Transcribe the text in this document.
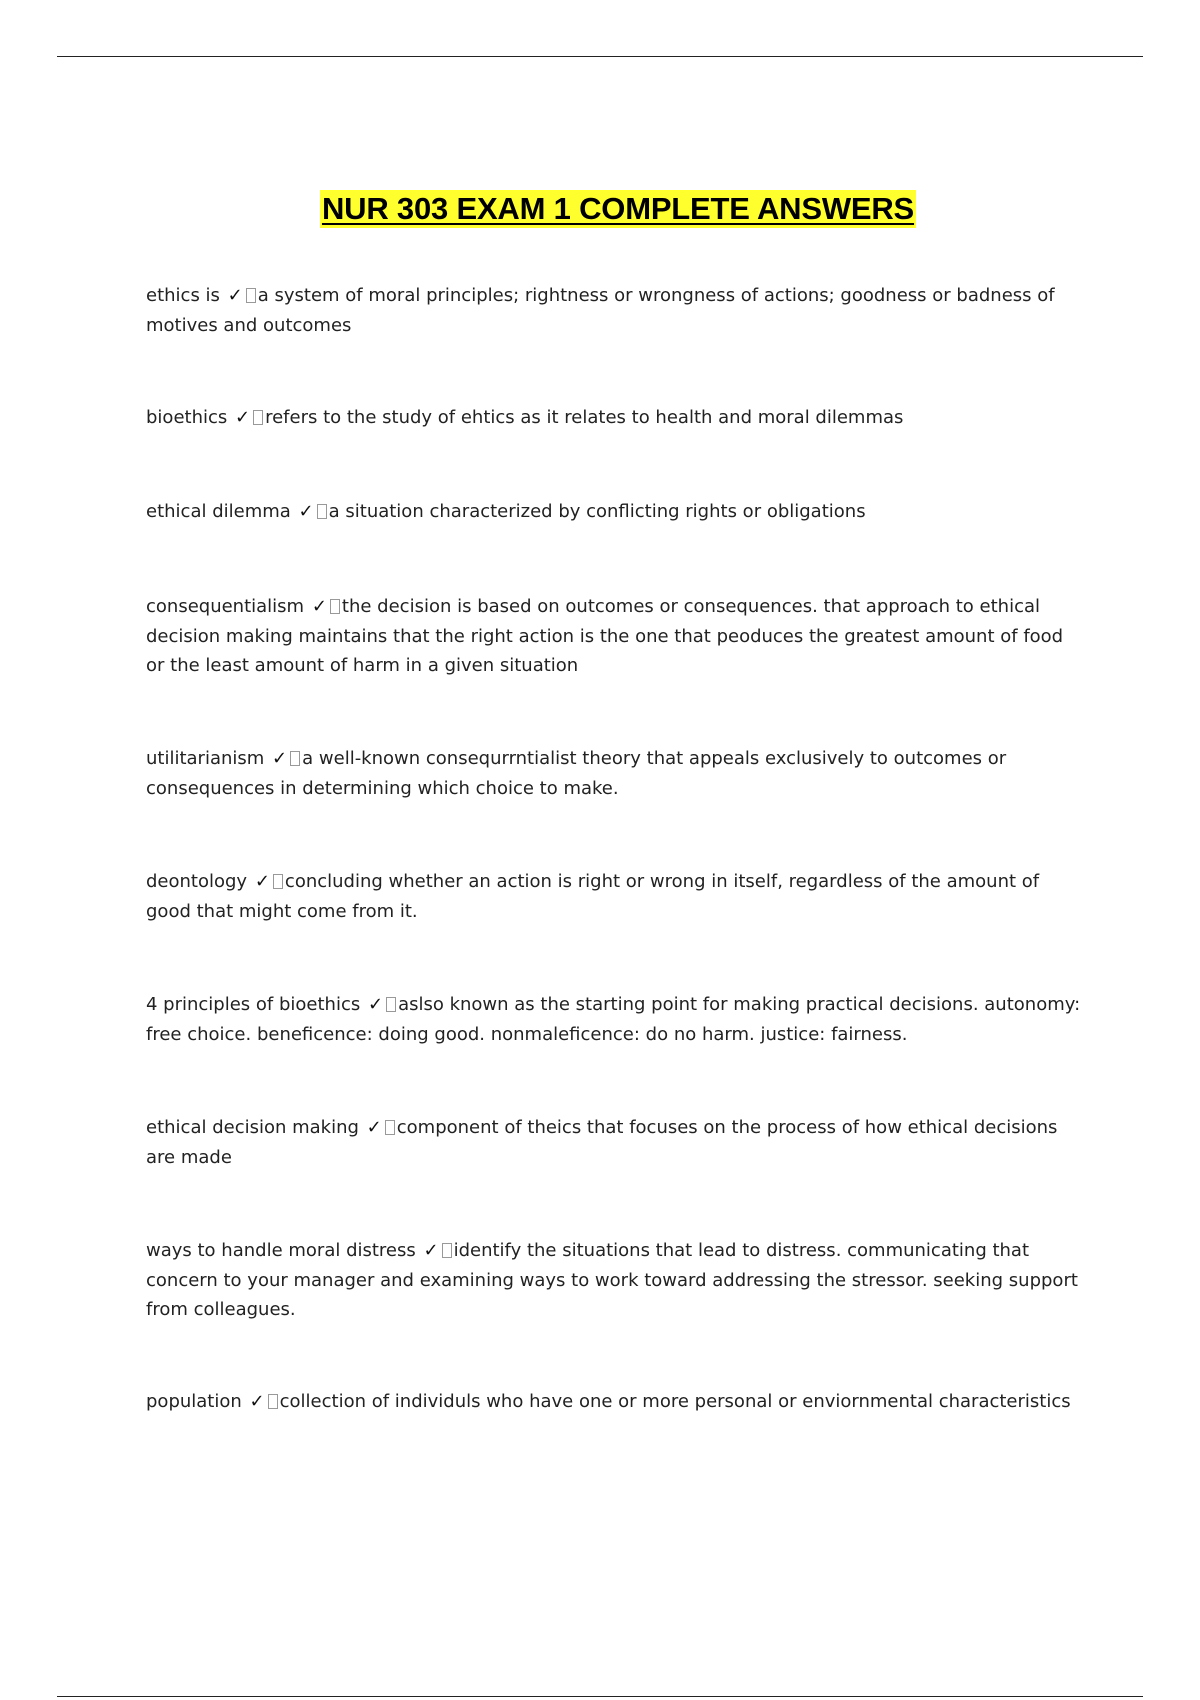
NUR 303 EXAM 1 COMPLETE ANSWERS
ethics is ✓ a system of moral principles; rightness or wrongness of actions; goodness or badness of motives and outcomes
bioethics ✓ refers to the study of ehtics as it relates to health and moral dilemmas
ethical dilemma ✓ a situation characterized by conflicting rights or obligations
consequentialism ✓ the decision is based on outcomes or consequences. that approach to ethical decision making maintains that the right action is the one that peoduces the greatest amount of food or the least amount of harm in a given situation
utilitarianism ✓ a well-known consequrrntialist theory that appeals exclusively to outcomes or consequences in determining which choice to make.
deontology ✓ concluding whether an action is right or wrong in itself, regardless of the amount of good that might come from it.
4 principles of bioethics ✓ aslso known as the starting point for making practical decisions. autonomy: free choice. beneficence: doing good. nonmaleficence: do no harm. justice: fairness.
ethical decision making ✓ component of theics that focuses on the process of how ethical decisions are made
ways to handle moral distress ✓ identify the situations that lead to distress. communicating that concern to your manager and examining ways to work toward addressing the stressor. seeking support from colleagues.
population ✓ collection of individuls who have one or more personal or enviornmental characteristics
